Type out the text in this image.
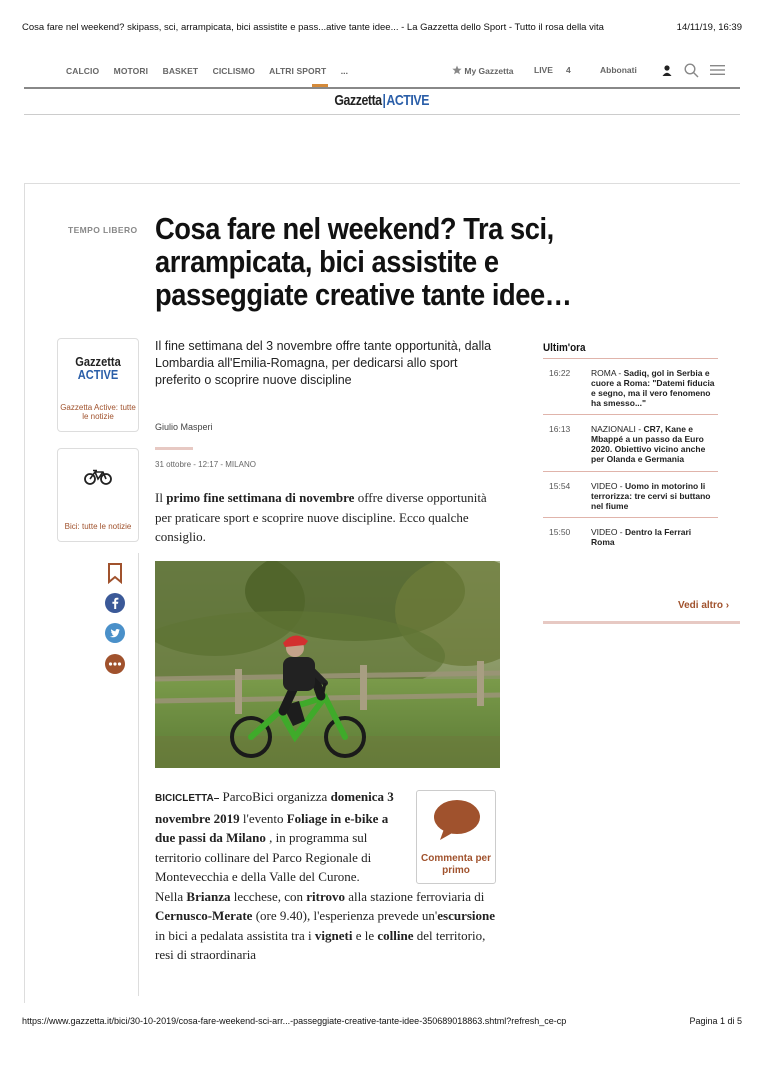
Cosa fare nel weekend? skipass, sci, arrampicata, bici assistite e pass...ative tante idee... - La Gazzetta dello Sport - Tutto il rosa della vita	14/11/19, 16:39
CALCIO MOTORI BASKET CICLISMO ALTRI SPORT ...	My Gazzetta LIVE 4	Abbonati
Gazzetta|ACTIVE
TEMPO LIBERO Cosa fare nel weekend? Tra sci, arrampicata, bici assistite e passeggiate creative tante idee…
Gazzetta
ACTIVE
Gazzetta Active: tutte le notizie
Bici: tutte le notizie

Il fine settimana del 3 novembre offre tante opportunità, dalla Lombardia all'Emilia-Romagna, per dedicarsi allo sport preferito o scoprire nuove discipline

Giulio Masperi
31 ottobre - 12:17 - MILANO

Il primo fine settimana di novembre offre diverse opportunità per praticare sport e scoprire nuove discipline. Ecco qualche consiglio.

BICICLETTA– ParcoBici organizza domenica 3 novembre 2019 l'evento Foliage in e-bike a due passi da Milano , in programma sul territorio collinare del Parco Regionale di Montevecchia e della Valle del Curone.

Nella Brianza lecchese, con ritrovo alla stazione ferroviaria di Cernusco-Merate (ore 9.40), l'esperienza prevede un'escursione in bici a pedalata assistita tra i vigneti e le colline del territorio, resi di straordinaria

Commenta per primo
Ultim'ora
16:22 ROMA - Sadiq, gol in Serbia e cuore a Roma: "Datemi fiducia e segno, ma il vero fenomeno ha smesso..."
16:13 NAZIONALI - CR7, Kane e Mbappé a un passo da Euro 2020. Obiettivo vicino anche per Olanda e Germania
15:54 VIDEO - Uomo in motorino li terrorizza: tre cervi si buttano nel fiume
15:50 VIDEO - Dentro la Ferrari Roma
Vedi altro ›
https://www.gazzetta.it/bici/30-10-2019/cosa-fare-weekend-sci-arr...-passeggiate-creative-tante-idee-350689018863.shtml?refresh_ce-cp	Pagina 1 di 5
